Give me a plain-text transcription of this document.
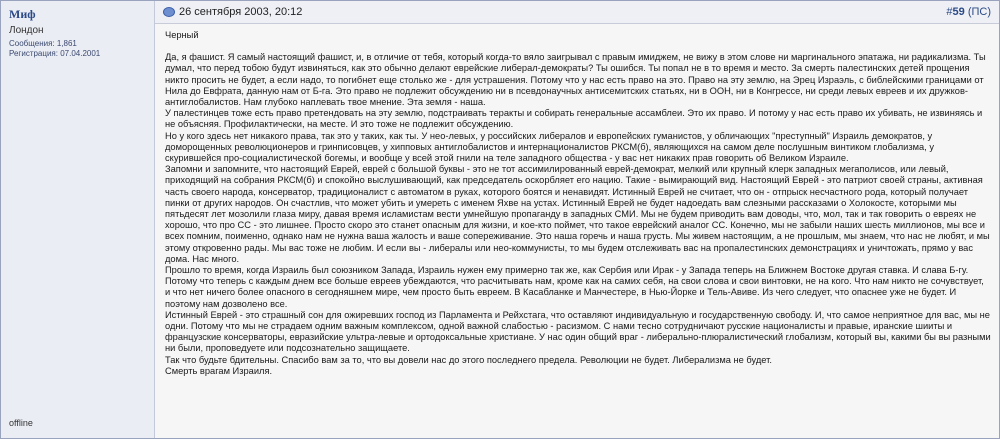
Миф
Лондон
Сообщения: 1,861
Регистрация: 07.04.2001
offline
26 сентября 2003, 20:12	#59 (ПС)
Черный

Да, я фашист. Я самый настоящий фашист, и, в отличие от тебя, который когда-то вяло заигрывал с правым имиджем, не вижу в этом слове ни маргинального эпатажа, ни радикализма. Ты думал, что перед тобою будут извиняться, как это обычно делают еврейские либерал-демократы? Ты ошибся. Ты попал не в то время и место. За смерть палестинских детей прощения никто просить не будет, а если надо, то погибнет еще столько же - для устрашения. Потому что у нас есть право на это. Право на эту землю, на Эрец Израэль, с библейскими границами от Нила до Евфрата, данную нам от Б-га. Это право не подлежит обсуждению ни в псевдонаучных антисемитских статьях, ни в ООН, ни в Конгрессе, ни среди левых евреев и их дружков-антиглобалистов. Нам глубоко наплевать твое мнение. Эта земля - наша.

У палестинцев тоже есть право претендовать на эту землю, подстраивать теракты и собирать генеральные ассамблеи. Это их право. И потому у нас есть право их убивать, не извиняясь и не объясняя. Профилактически, на месте. И это тоже не подлежит обсуждению.

Но у кого здесь нет никакого права, так это у таких, как ты. У нео-левых, у российских либералов и европейских гуманистов, у обличающих "преступный" Израиль демократов, у доморощенных революционеров и гринписовцев, у хипповых антиглобалистов и интернационалистов РКСМ(б), являющихся на самом деле послушным винтиком глобализма, у скурившейся про-социалистической богемы, и вообще у всей этой гнили на теле западного общества - у вас нет никаких прав говорить об Великом Израиле.

Запомни и запомните, что настоящий Еврей, еврей с большой буквы - это не тот ассимилированный еврей-демократ, мелкий или крупный клерк западных мегаполисов, или левый, приходящий на собрания РКСМ(б) и спокойно выслушивающий, как председатель оскорбляет его нацию. Такие - вымирающий вид. Настоящий Еврей - это патриот своей страны, активная часть своего народа, консерватор, традиционалист с автоматом в руках, которого боятся и ненавидят. Истинный Еврей не считает, что он - отпрыск несчастного рода, который получает пинки от других народов. Он счастлив, что может убить и умереть с именем Яхве на устах. Истинный Еврей не будет надоедать вам слезными рассказами о Холокосте, которыми мы пятьдесят лет мозолили глаза миру, давая время исламистам вести умнейшую пропаганду в западных СМИ. Мы не будем приводить вам доводы, что, мол, так и так говорить о евреях не хорошо, что про СС - это лишнее. Просто скоро это станет опасным для жизни, и кое-кто поймет, что такое еврейский аналог СС. Конечно, мы не забыли наших шесть миллионов, мы все и всех помним, поименно, однако нам не нужна ваша жалость и ваше сопереживание. Это наша горечь и наша грусть. Мы живем настоящим, а не прошлым, мы знаем, что нас не любят, и мы этому откровенно рады. Мы вас тоже не любим. И если вы - либералы или нео-коммунисты, то мы будем отслеживать вас на пропалестинских демонстрациях и уничтожать, прямо у вас дома. Нас много.

Прошло то время, когда Израиль был союзником Запада, Израиль нужен ему примерно так же, как Сербия или Ирак - у Запада теперь на Ближнем Востоке другая ставка. И слава Б-гу. Потому что теперь с каждым днем все больше евреев убеждаются, что расчитывать нам, кроме как на самих себя, на свои слова и свои винтовки, не на кого. Что нам никто не сочувствует, и что нет ничего более опасного в сегодняшнем мире, чем просто быть евреем. В Касабланке и Манчестере, в Нью-Йорке и Тель-Авиве. Из чего следует, что опаснее уже не будет. И поэтому нам дозволено все.

Истинный Еврей - это страшный сон для ожиревших господ из Парламента и Рейхстага, что оставляют индивидуальную и государственную свободу. И, что самое неприятное для вас, мы не одни. Потому что мы не страдаем одним важным комплексом, одной важной слабостью - расизмом. С нами тесно сотрудничают русские националисты и правые, иранские шииты и французские консерваторы, евразийские ультра-левые и ортодоксальные христиане. У нас один общий враг - либерально-плюралистический глобализм, который вы, какими бы вы разными ни были, проповедуете или подсознательно защищаете.

Так что будьте бдительны. Спасибо вам за то, что вы довели нас до этого последнего предела. Революции не будет. Либерализма не будет.

Смерть врагам Израиля.
